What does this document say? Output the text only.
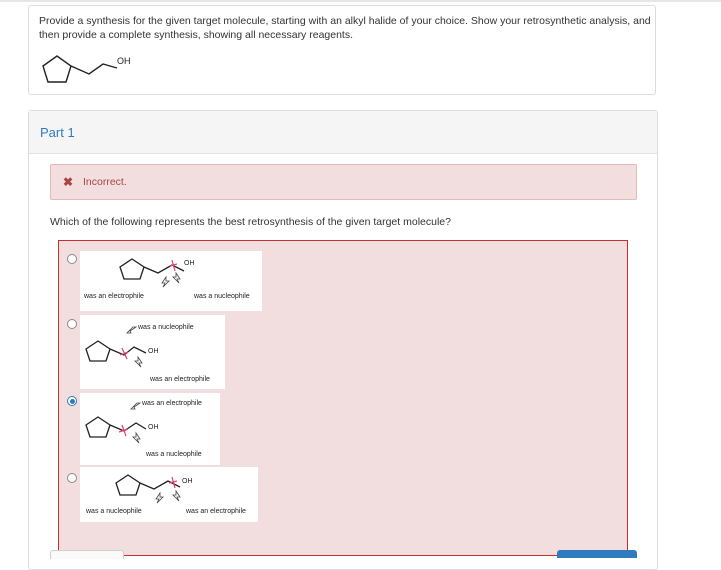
Provide a synthesis for the given target molecule, starting with an alkyl halide of your choice. Show your retrosynthetic analysis, and then provide a complete synthesis, showing all necessary reagents.
OH
Part 1
✖ Incorrect.
Which of the following represents the best retrosynthesis of the given target molecule?
OH
was an electrophile	was a nucleophile
was a nucleophile
OH
was an electrophile
was an electrophile
OH
was a nucleophile
OH
was a nucleophile	was an electrophile
